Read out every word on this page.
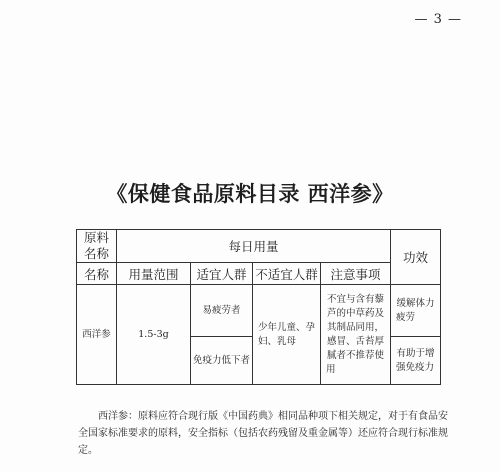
— 3 —
《保健食品原料目录 西洋参》
原料名称	每日用量				功效
名称	用量范围	适宜人群	不适宜人群	注意事项	
西洋参	1.5-3g	易疲劳者	少年儿童、孕妇、乳母	不宜与含有藜芦的中草药及其制品同用，感冒、舌苔厚腻者不推荐使用	缓解体力疲劳
		免疫力低下者			有助于增强免疫力
西洋参：原料应符合现行版《中国药典》相同品种项下相关规定，对于有食品安全国家标准要求的原料，安全指标（包括农药残留及重金属等）还应符合现行标准规定。
